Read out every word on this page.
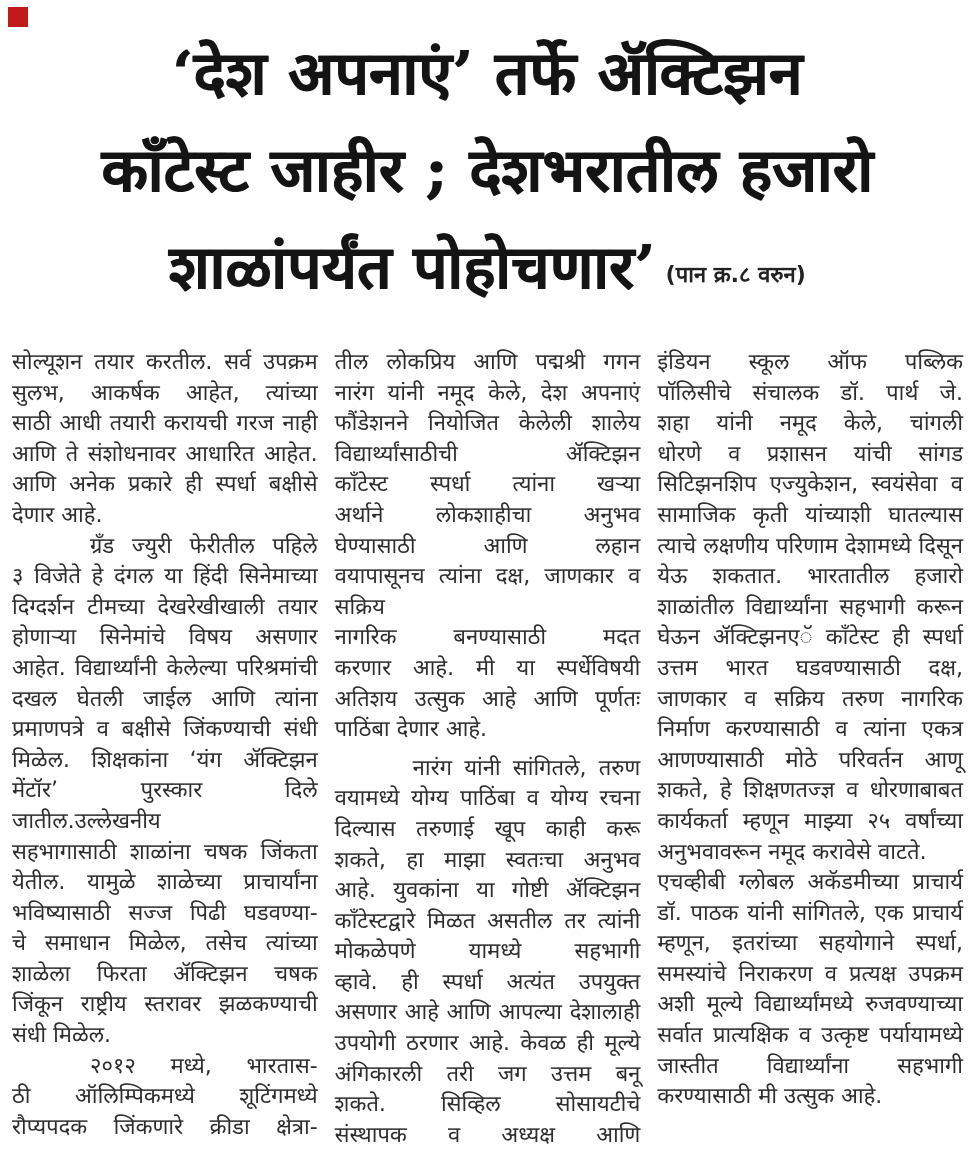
‘देश अपनाएं’ तर्फे ॲक्टिझन
काँटेस्ट जाहीर ; देशभरातील हजारो
शाळांपर्यंत पोहोचणार’ (पान क्र.८ वरुन)
सोल्यूशन तयार करतील. सर्व उपक्रम
सुलभ, आकर्षक आहेत, त्यांच्या
साठी आधी तयारी करायची गरज नाही
आणि ते संशोधनावर आधारित आहेत.
आणि अनेक प्रकारे ही स्पर्धा बक्षीसे
देणार आहे.
ग्रँड ज्युरी फेरीतील पहिले
३ विजेते हे दंगल या हिंदी सिनेमाच्या
दिग्दर्शन टीमच्या देखरेखीखाली तयार
होणाऱ्या सिनेमांचे विषय असणार
आहेत. विद्यार्थ्यांनी केलेल्या परिश्रमांची
दखल घेतली जाईल आणि त्यांना
प्रमाणपत्रे व बक्षीसे जिंकण्याची संधी
मिळेल. शिक्षकांना ‘यंग ॲक्टिझन
मेंटॉर’ पुरस्कार दिले जातील.उल्लेखनीय
सहभागासाठी शाळांना चषक जिंकता
येतील. यामुळे शाळेच्या प्राचार्यांना
भविष्यासाठी सज्ज पिढी घडवण्या-
चे समाधान मिळेल, तसेच त्यांच्या
शाळेला फिरता ॲक्टिझन चषक
जिंकून राष्ट्रीय स्तरावर झळकण्याची
संधी मिळेल.
२०१२ मध्ये, भारतास-
ठी ऑलिम्पिकमध्ये शूटिंगमध्ये
रौप्यपदक जिंकणारे क्रीडा क्षेत्रा-
तील लोकप्रिय आणि पद्मश्री गगन
नारंग यांनी नमूद केले, देश अपनाएं
फौंडेशनने नियोजित केलेली शालेय
विद्यार्थ्यांसाठीची ॲक्टिझन
काँटेस्ट स्पर्धा त्यांना खऱ्या
अर्थाने लोकशाहीचा अनुभव
घेण्यासाठी आणि लहान
वयापासूनच त्यांना दक्ष, जाणकार व सक्रिय
नागरिक बनण्यासाठी मदत
करणार आहे. मी या स्पर्धेविषयी
अतिशय उत्सुक आहे आणि पूर्णतः
पाठिंबा देणार आहे.
नारंग यांनी सांगितले, तरुण
वयामध्ये योग्य पाठिंबा व योग्य रचना
दिल्यास तरुणाई खूप काही करू
शकते, हा माझा स्वतःचा अनुभव
आहे. युवकांना या गोष्टी ॲक्टिझन
काँटेस्टद्वारे मिळत असतील तर त्यांनी
मोकळेपणे यामध्ये सहभागी
व्हावे. ही स्पर्धा अत्यंत उपयुक्त
असणार आहे आणि आपल्या देशालाही
उपयोगी ठरणार आहे. केवळ ही मूल्ये
अंगिकारली तरी जग उत्तम बनू
शकते. सिव्हिल सोसायटीचे
संस्थापक व अध्यक्ष आणि
इंडियन स्कूल ऑफ पब्लिक
पॉलिसीचे संचालक डॉ. पार्थ जे.
शहा यांनी नमूद केले, चांगली
धोरणे व प्रशासन यांची सांगड
सिटिझनशिप एज्युकेशन, स्वयंसेवा व
सामाजिक कृती यांच्याशी घातल्यास
त्याचे लक्षणीय परिणाम देशामध्ये दिसून
येऊ शकतात. भारतातील हजारो
शाळांतील विद्यार्थ्यांना सहभागी करून
घेऊन ॲक्टिझनएॅ काँटेस्ट ही स्पर्धा
उत्तम भारत घडवण्यासाठी दक्ष,
जाणकार व सक्रिय तरुण नागरिक
निर्माण करण्यासाठी व त्यांना एकत्र
आणण्यासाठी मोठे परिवर्तन आणू
शकते, हे शिक्षणतज्ज्ञ व धोरणाबाबत
कार्यकर्ता म्हणून माझ्या २५ वर्षांच्या
अनुभवावरून नमूद करावेसे वाटते.
एचव्हीबी ग्लोबल अकॅडमीच्या प्राचार्य
डॉ. पाठक यांनी सांगितले, एक प्राचार्य
म्हणून, इतरांच्या सहयोगाने स्पर्धा,
समस्यांचे निराकरण व प्रत्यक्ष उपक्रम
अशी मूल्ये विद्यार्थ्यांमध्ये रुजवण्याच्या
सर्वात प्रात्यक्षिक व उत्कृष्ट पर्यायामध्ये
जास्तीत विद्यार्थ्यांना सहभागी
करण्यासाठी मी उत्सुक आहे.
